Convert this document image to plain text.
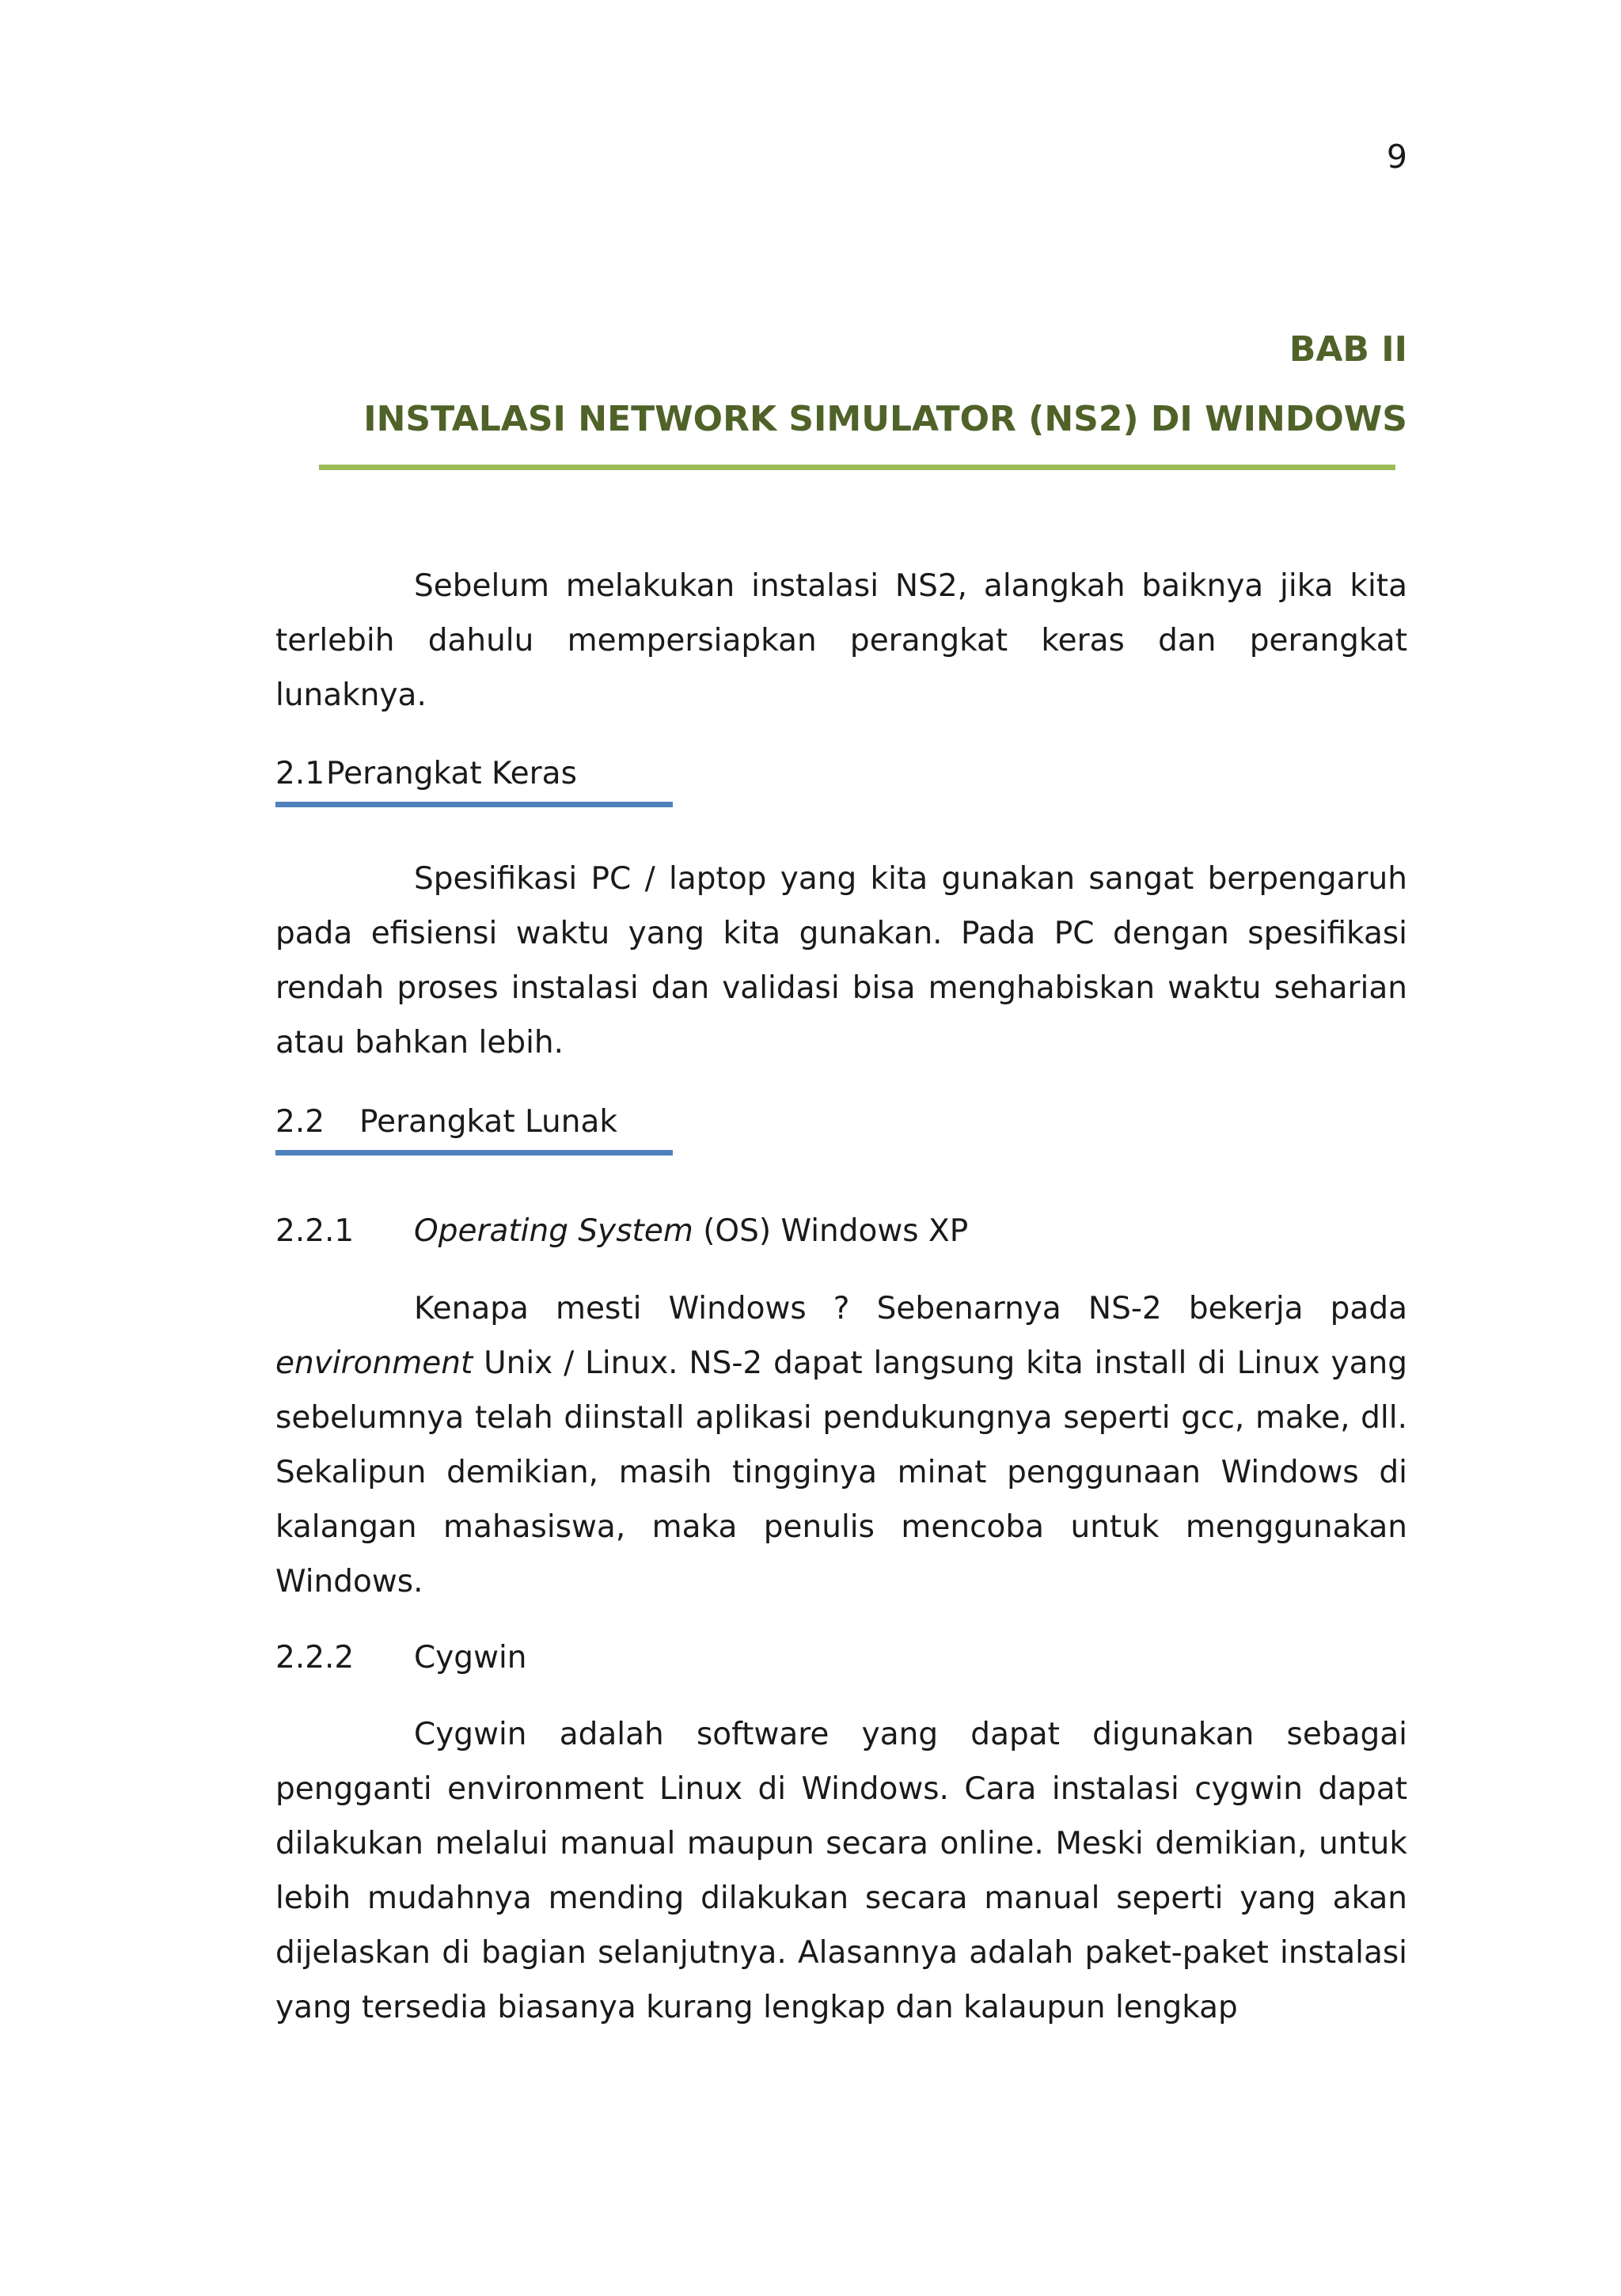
9
BAB II
INSTALASI NETWORK SIMULATOR (NS2) DI WINDOWS

Sebelum melakukan instalasi NS2, alangkah baiknya jika kita terlebih dahulu mempersiapkan perangkat keras dan perangkat lunaknya.

2.1Perangkat Keras

Spesifikasi PC / laptop yang kita gunakan sangat berpengaruh pada efisiensi waktu yang kita gunakan. Pada PC dengan spesifikasi rendah proses instalasi dan validasi bisa menghabiskan waktu seharian atau bahkan lebih.

2.2 Perangkat Lunak
2.2.1 Operating System (OS) Windows XP

Kenapa mesti Windows ? Sebenarnya NS-2 bekerja pada environment Unix / Linux. NS-2 dapat langsung kita install di Linux yang sebelumnya telah diinstall aplikasi pendukungnya seperti gcc, make, dll. Sekalipun demikian, masih tingginya minat penggunaan Windows di kalangan mahasiswa, maka penulis mencoba untuk menggunakan Windows.

2.2.2 Cygwin

Cygwin adalah software yang dapat digunakan sebagai pengganti environment Linux di Windows. Cara instalasi cygwin dapat dilakukan melalui manual maupun secara online. Meski demikian, untuk lebih mudahnya mending dilakukan secara manual seperti yang akan dijelaskan di bagian selanjutnya. Alasannya adalah paket-paket instalasi yang tersedia biasanya kurang lengkap dan kalaupun lengkap
